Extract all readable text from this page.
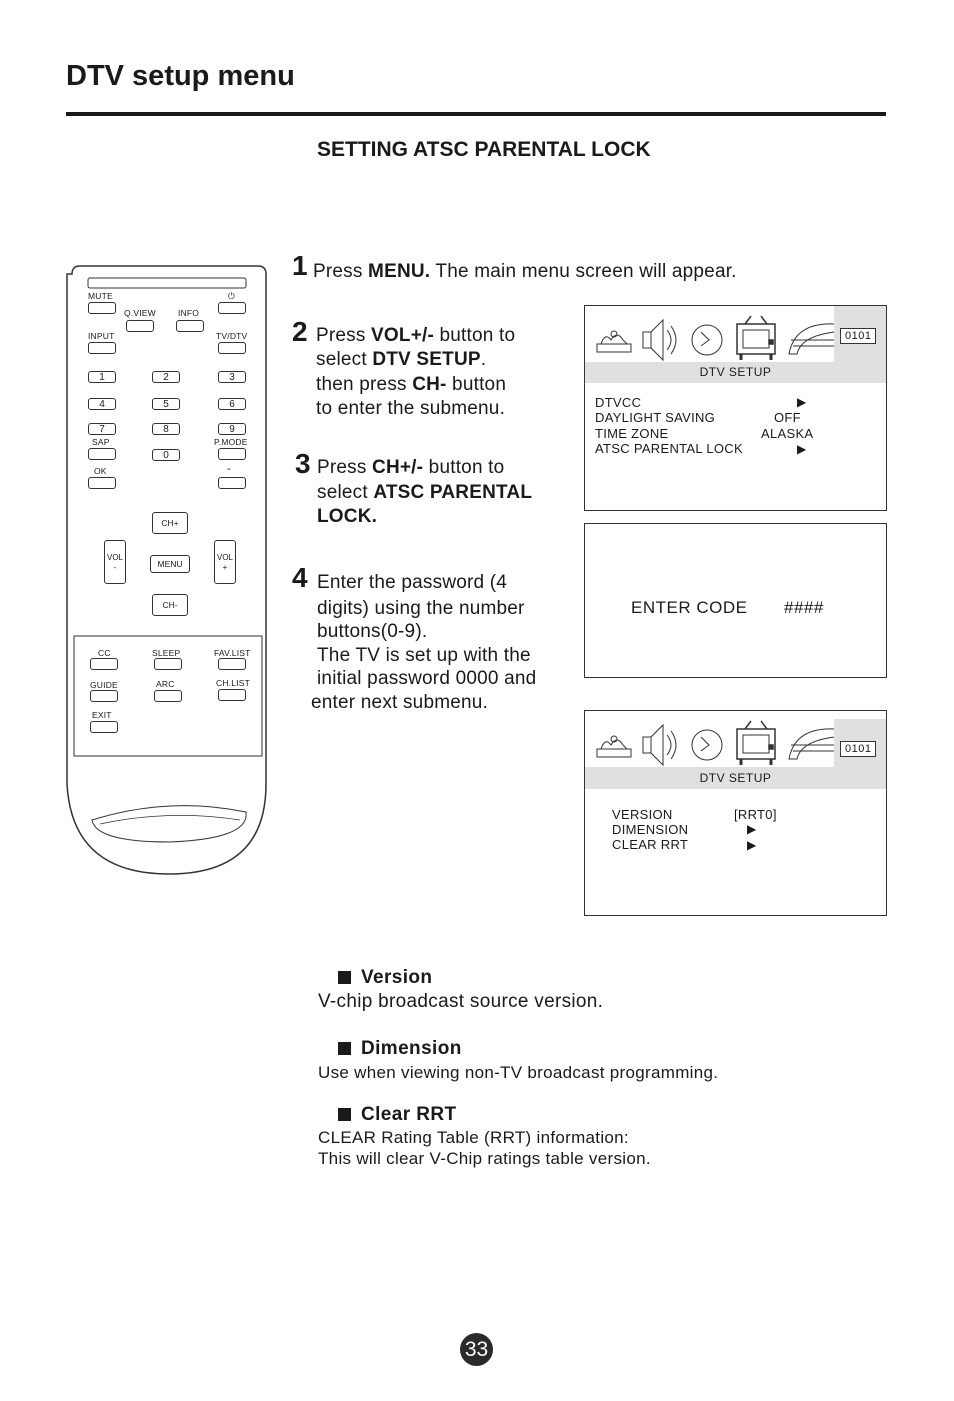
DTV setup menu
SETTING ATSC PARENTAL LOCK
MUTE	⏻
Q.VIEW	INFO
INPUT	TV/DTV
1	2	3
4	5	6
7	8	9
SAP
0
P.MODE
OK	-
CH+
VOL
-	MENU
VOL
+
CH-
CC	SLEEP	FAV.LIST
GUIDE	ARC	CH.LIST
EXIT
1 Press MENU. The main menu screen will appear.
2 Press VOL+/- button to
select DTV SETUP.
then press CH- button
to enter the submenu.
3 Press CH+/- button to
select ATSC PARENTAL
LOCK.
4 Enter the password (4
digits) using the number
buttons(0-9).
The TV is set up with the
initial password 0000 and
enter next submenu.
0101
DTV SETUP
DTVCC	▶
DAYLIGHT SAVING	OFF
TIME ZONE	ALASKA
ATSC PARENTAL LOCK	▶
ENTER CODE ####
0101
DTV SETUP
VERSION	[RRT0]
DIMENSION	▶
CLEAR RRT	▶
Version
V-chip broadcast source version.
Dimension
Use when viewing non-TV broadcast programming.
Clear RRT
CLEAR Rating Table (RRT) information:
This will clear V-Chip ratings table version.
33
